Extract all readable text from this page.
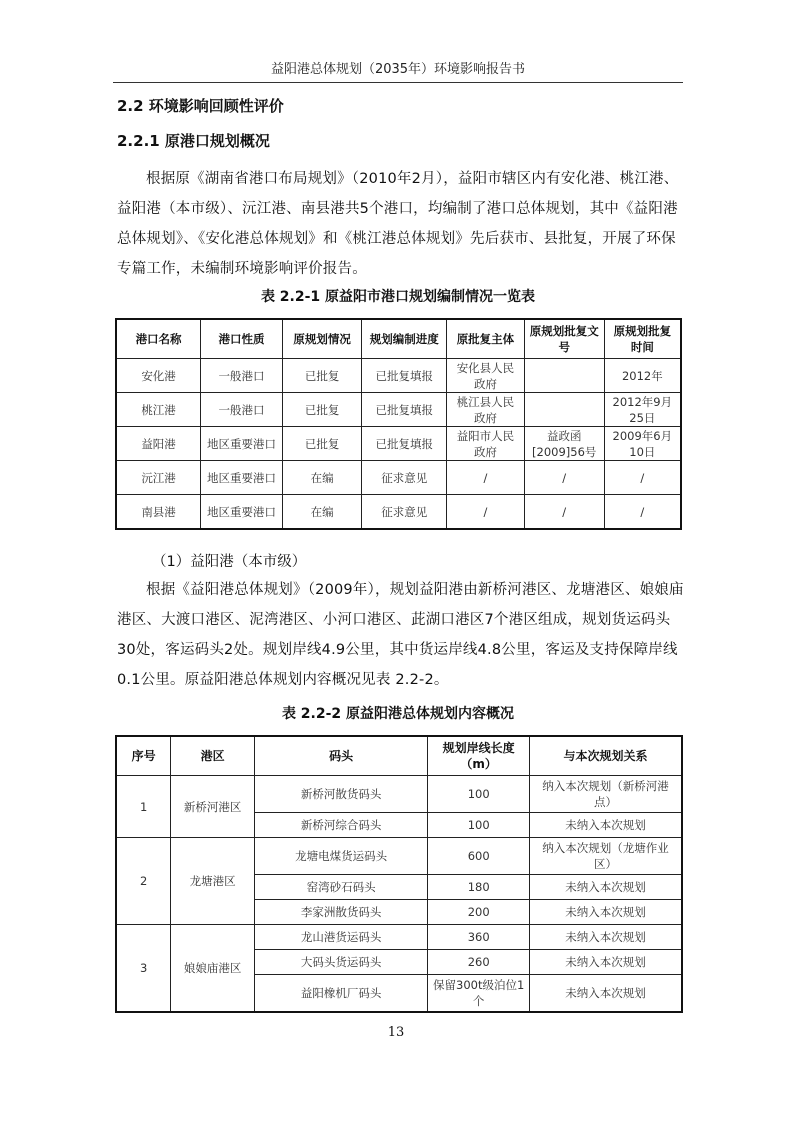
益阳港总体规划（2035年）环境影响报告书
2.2 环境影响回顾性评价
2.2.1 原港口规划概况

根据原《湖南省港口布局规划》（2010年2月），益阳市辖区内有安化港、桃江港、益阳港（本市级）、沅江港、南县港共5个港口，均编制了港口总体规划，其中《益阳港总体规划》、《安化港总体规划》和《桃江港总体规划》先后获市、县批复，开展了环保专篇工作，未编制环境影响评价报告。

表 2.2-1 原益阳市港口规划编制情况一览表
港口名称	港口性质	原规划情况	规划编制进度	原批复主体	原规划批复文号	原规划批复时间
安化港	一般港口	已批复	已批复填报	安化县人民政府		2012年
桃江港	一般港口	已批复	已批复填报	桃江县人民政府		2012年9月25日
益阳港	地区重要港口	已批复	已批复填报	益阳市人民政府	益政函[2009]56号	2009年6月10日
沅江港	地区重要港口	在编	征求意见	/	/	/
南县港	地区重要港口	在编	征求意见	/	/	/
（1）益阳港（本市级）

根据《益阳港总体规划》（2009年），规划益阳港由新桥河港区、龙塘港区、娘娘庙港区、大渡口港区、泥湾港区、小河口港区、茈湖口港区7个港区组成，规划货运码头30处，客运码头2处。规划岸线4.9公里，其中货运岸线4.8公里，客运及支持保障岸线0.1公里。原益阳港总体规划内容概况见表 2.2-2。

表 2.2-2 原益阳港总体规划内容概况
序号	港区	码头	规划岸线长度（m）	与本次规划关系
1	新桥河港区	新桥河散货码头	100	纳入本次规划（新桥河港点）
		新桥河综合码头	100	未纳入本次规划
2	龙塘港区	龙塘电煤货运码头	600	纳入本次规划（龙塘作业区）
		窑湾砂石码头	180	未纳入本次规划
		李家洲散货码头	200	未纳入本次规划
3	娘娘庙港区	龙山港货运码头	360	未纳入本次规划
		大码头货运码头	260	未纳入本次规划
		益阳橡机厂码头	保留300t级泊位1个	未纳入本次规划
13
